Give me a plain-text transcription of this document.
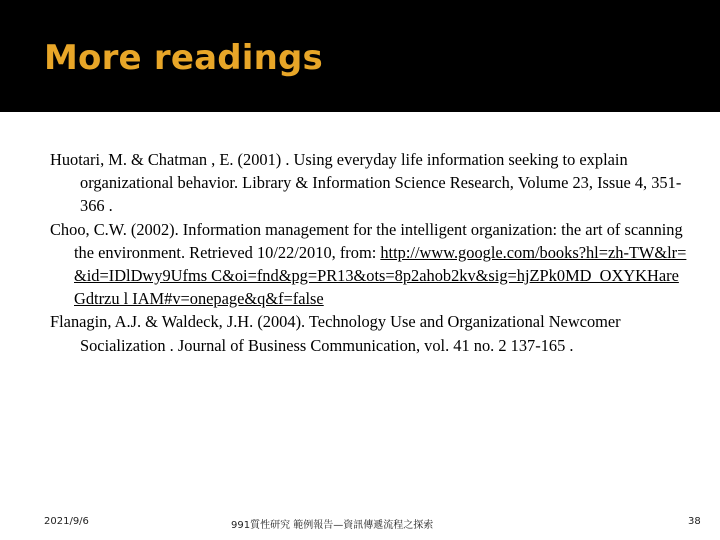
More readings

Huotari, M. & Chatman , E. (2001) . Using everyday life information seeking to explain organizational behavior. Library & Information Science Research, Volume 23, Issue 4, 351-366 .

Choo, C.W. (2002). Information management for the intelligent organization: the art of scanning the environment. Retrieved 10/22/2010, from: http://www.google.com/books?hl=zh-TW&lr=&id=IDlDwy9Ufms C&oi=fnd&pg=PR13&ots=8p2ahob2kv&sig=hjZPk0MD_OXYKHare Gdtrzu l IAM#v=onepage&q&f=false

Flanagin, A.J. & Waldeck, J.H. (2004). Technology Use and Organizational Newcomer Socialization . Journal of Business Communication, vol. 41 no. 2 137-165 .

2021/9/6	991質性研究 範例報告—資訊傳遞流程之探索	38
